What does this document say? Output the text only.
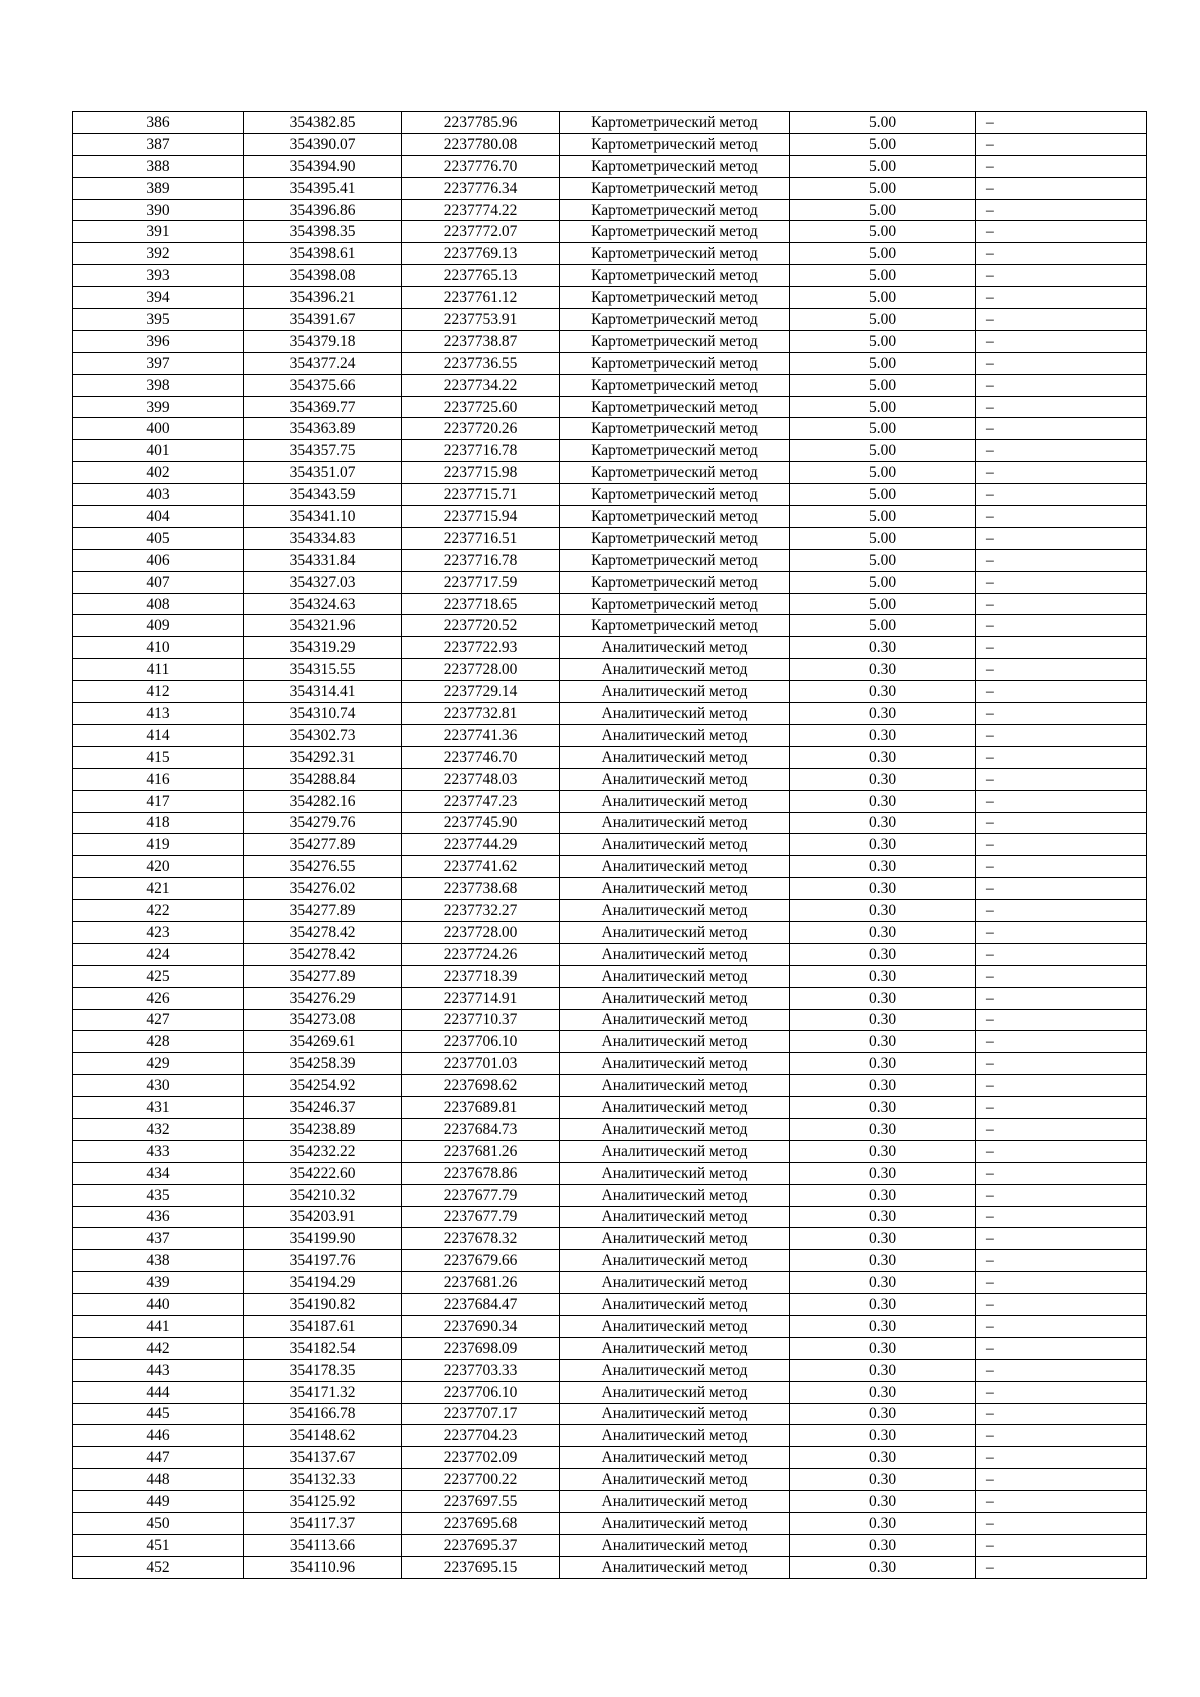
386	354382.85	2237785.96	Картометрический метод	5.00	–
387	354390.07	2237780.08	Картометрический метод	5.00	–
388	354394.90	2237776.70	Картометрический метод	5.00	–
389	354395.41	2237776.34	Картометрический метод	5.00	–
390	354396.86	2237774.22	Картометрический метод	5.00	–
391	354398.35	2237772.07	Картометрический метод	5.00	–
392	354398.61	2237769.13	Картометрический метод	5.00	–
393	354398.08	2237765.13	Картометрический метод	5.00	–
394	354396.21	2237761.12	Картометрический метод	5.00	–
395	354391.67	2237753.91	Картометрический метод	5.00	–
396	354379.18	2237738.87	Картометрический метод	5.00	–
397	354377.24	2237736.55	Картометрический метод	5.00	–
398	354375.66	2237734.22	Картометрический метод	5.00	–
399	354369.77	2237725.60	Картометрический метод	5.00	–
400	354363.89	2237720.26	Картометрический метод	5.00	–
401	354357.75	2237716.78	Картометрический метод	5.00	–
402	354351.07	2237715.98	Картометрический метод	5.00	–
403	354343.59	2237715.71	Картометрический метод	5.00	–
404	354341.10	2237715.94	Картометрический метод	5.00	–
405	354334.83	2237716.51	Картометрический метод	5.00	–
406	354331.84	2237716.78	Картометрический метод	5.00	–
407	354327.03	2237717.59	Картометрический метод	5.00	–
408	354324.63	2237718.65	Картометрический метод	5.00	–
409	354321.96	2237720.52	Картометрический метод	5.00	–
410	354319.29	2237722.93	Аналитический метод	0.30	–
411	354315.55	2237728.00	Аналитический метод	0.30	–
412	354314.41	2237729.14	Аналитический метод	0.30	–
413	354310.74	2237732.81	Аналитический метод	0.30	–
414	354302.73	2237741.36	Аналитический метод	0.30	–
415	354292.31	2237746.70	Аналитический метод	0.30	–
416	354288.84	2237748.03	Аналитический метод	0.30	–
417	354282.16	2237747.23	Аналитический метод	0.30	–
418	354279.76	2237745.90	Аналитический метод	0.30	–
419	354277.89	2237744.29	Аналитический метод	0.30	–
420	354276.55	2237741.62	Аналитический метод	0.30	–
421	354276.02	2237738.68	Аналитический метод	0.30	–
422	354277.89	2237732.27	Аналитический метод	0.30	–
423	354278.42	2237728.00	Аналитический метод	0.30	–
424	354278.42	2237724.26	Аналитический метод	0.30	–
425	354277.89	2237718.39	Аналитический метод	0.30	–
426	354276.29	2237714.91	Аналитический метод	0.30	–
427	354273.08	2237710.37	Аналитический метод	0.30	–
428	354269.61	2237706.10	Аналитический метод	0.30	–
429	354258.39	2237701.03	Аналитический метод	0.30	–
430	354254.92	2237698.62	Аналитический метод	0.30	–
431	354246.37	2237689.81	Аналитический метод	0.30	–
432	354238.89	2237684.73	Аналитический метод	0.30	–
433	354232.22	2237681.26	Аналитический метод	0.30	–
434	354222.60	2237678.86	Аналитический метод	0.30	–
435	354210.32	2237677.79	Аналитический метод	0.30	–
436	354203.91	2237677.79	Аналитический метод	0.30	–
437	354199.90	2237678.32	Аналитический метод	0.30	–
438	354197.76	2237679.66	Аналитический метод	0.30	–
439	354194.29	2237681.26	Аналитический метод	0.30	–
440	354190.82	2237684.47	Аналитический метод	0.30	–
441	354187.61	2237690.34	Аналитический метод	0.30	–
442	354182.54	2237698.09	Аналитический метод	0.30	–
443	354178.35	2237703.33	Аналитический метод	0.30	–
444	354171.32	2237706.10	Аналитический метод	0.30	–
445	354166.78	2237707.17	Аналитический метод	0.30	–
446	354148.62	2237704.23	Аналитический метод	0.30	–
447	354137.67	2237702.09	Аналитический метод	0.30	–
448	354132.33	2237700.22	Аналитический метод	0.30	–
449	354125.92	2237697.55	Аналитический метод	0.30	–
450	354117.37	2237695.68	Аналитический метод	0.30	–
451	354113.66	2237695.37	Аналитический метод	0.30	–
452	354110.96	2237695.15	Аналитический метод	0.30	–
